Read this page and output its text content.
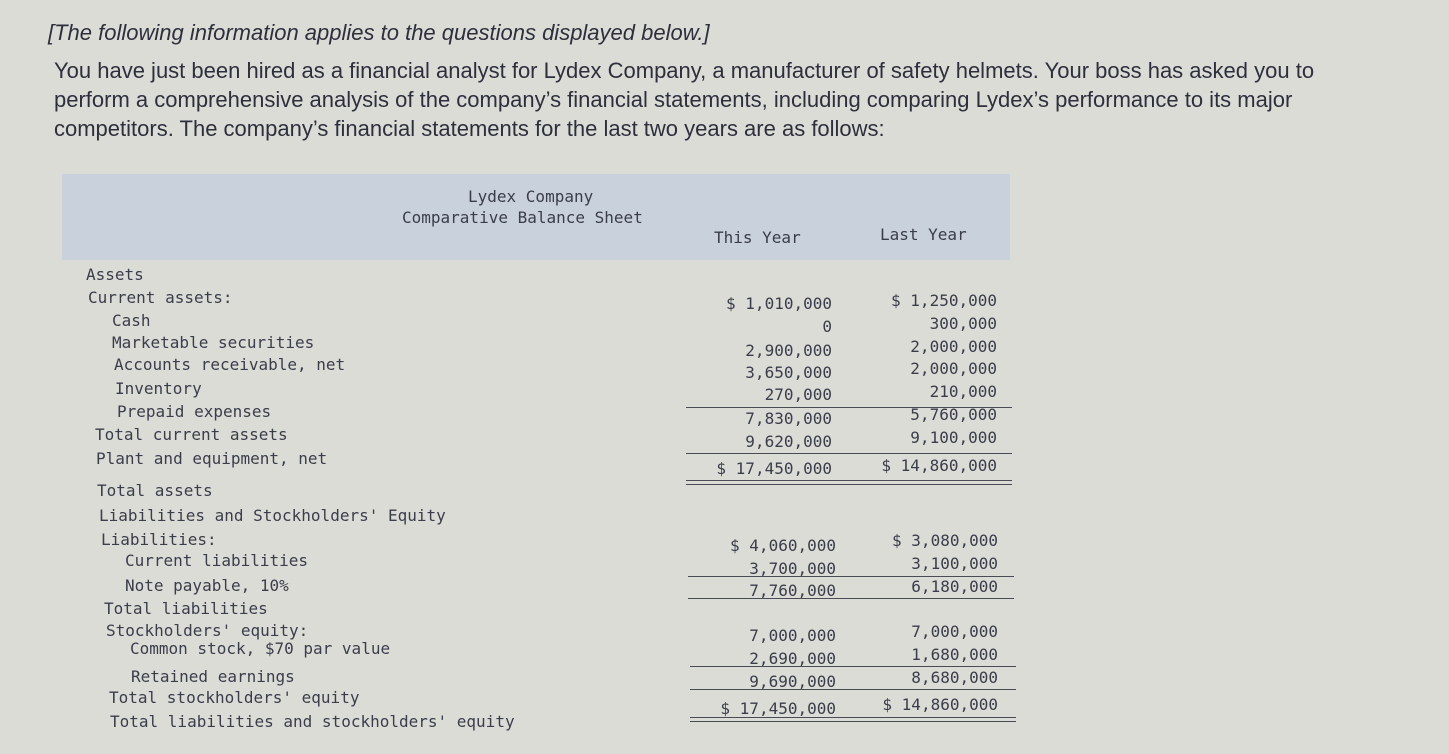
[The following information applies to the questions displayed below.]
You have just been hired as a financial analyst for Lydex Company, a manufacturer of safety helmets. Your boss has asked you to perform a comprehensive analysis of the company’s financial statements, including comparing Lydex’s performance to its major competitors. The company’s financial statements for the last two years are as follows:
Lydex Company
Comparative Balance Sheet
This Year	Last Year
Assets
Current assets:
Cash
Marketable securities
Accounts receivable, net
Inventory
Prepaid expenses
Total current assets
Plant and equipment, net
Total assets
Liabilities and Stockholders' Equity
Liabilities:
Current liabilities
Note payable, 10%
Total liabilities
Stockholders' equity:
Common stock, $70 par value
Retained earnings
Total stockholders' equity
Total liabilities and stockholders' equity
$ 1,010,000
0
2,900,000
3,650,000
270,000
7,830,000
9,620,000
$ 17,450,000
$ 4,060,000
3,700,000
7,760,000
7,000,000
2,690,000
9,690,000
$ 17,450,000
$ 1,250,000
300,000
2,000,000
2,000,000
210,000
5,760,000
9,100,000
$ 14,860,000
$ 3,080,000
3,100,000
6,180,000
7,000,000
1,680,000
8,680,000
$ 14,860,000
